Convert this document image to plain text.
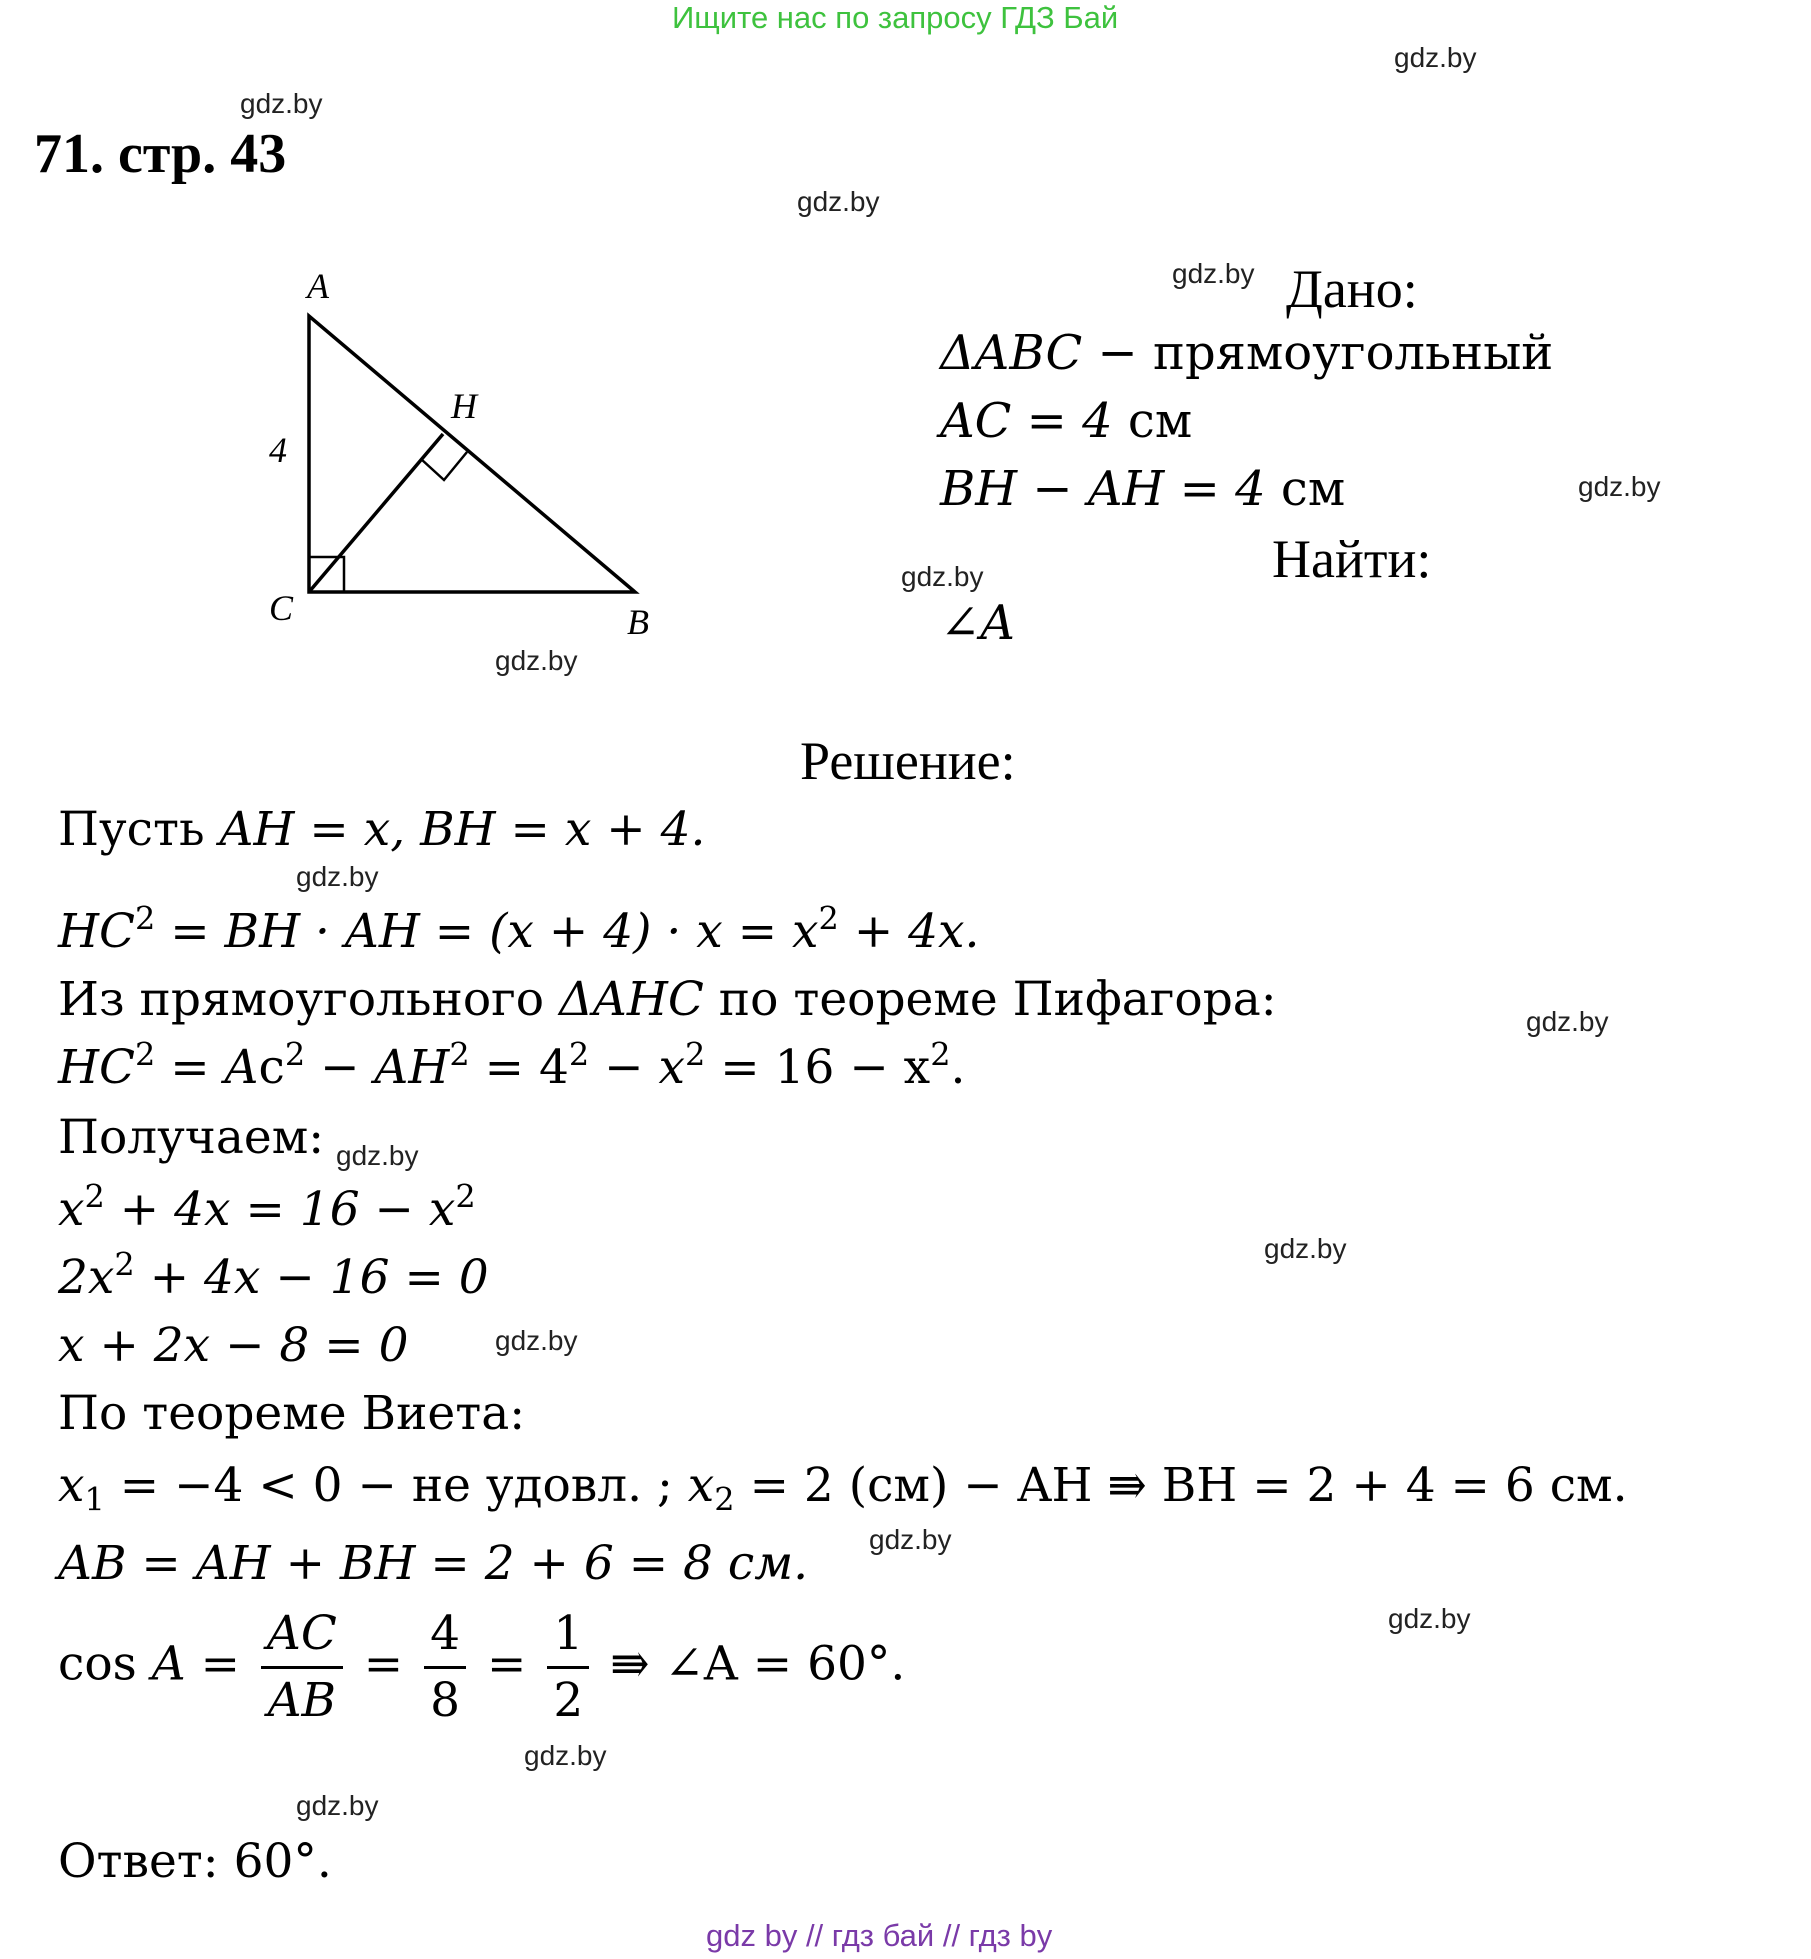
Ищите нас по запросу ГДЗ Бай
gdz.by
gdz.by
gdz.by
gdz.by
gdz.by
gdz.by
gdz.by
gdz.by
gdz.by
gdz.by
gdz.by
gdz.by
gdz.by
gdz.by
gdz.by
gdz.by
71. стр. 43
A
H
C	B
4
Дано:
ΔABC − прямоугольный
AC = 4 см
BH − AH = 4 см
Найти:
∠A
Решение:
Пусть AH = x, BH = x + 4.
$HC^2$ = BH · AH = $(x + 4) \cdot x = x^2 + 4x$.
Из прямоугольного ΔAHC по теореме Пифагора:
$HC^2 = Ac^2 - AH^2 = 4^2 - x^2 = 16 - x^2$.
Получаем:
$x^2 + 4x = 16 - x^2$
$2x^2 + 4x - 16 = 0$
x + 2x − 8 = 0
По теореме Виета:
$x_1 = -4 < 0$ − не удовл. ; $x_2 = 2$ (см) − AH ⇛ BH = 2 + 4 = 6 см.
AB = AH + BH = 2 + 6 = 8 см.
$\cos A = \frac{AC}{AB} = \frac{4}{8} = \frac{1}{2}$ ⇛ ∠A = 60°.
Ответ: 60°.
gdz by // гдз бай // гдз by
